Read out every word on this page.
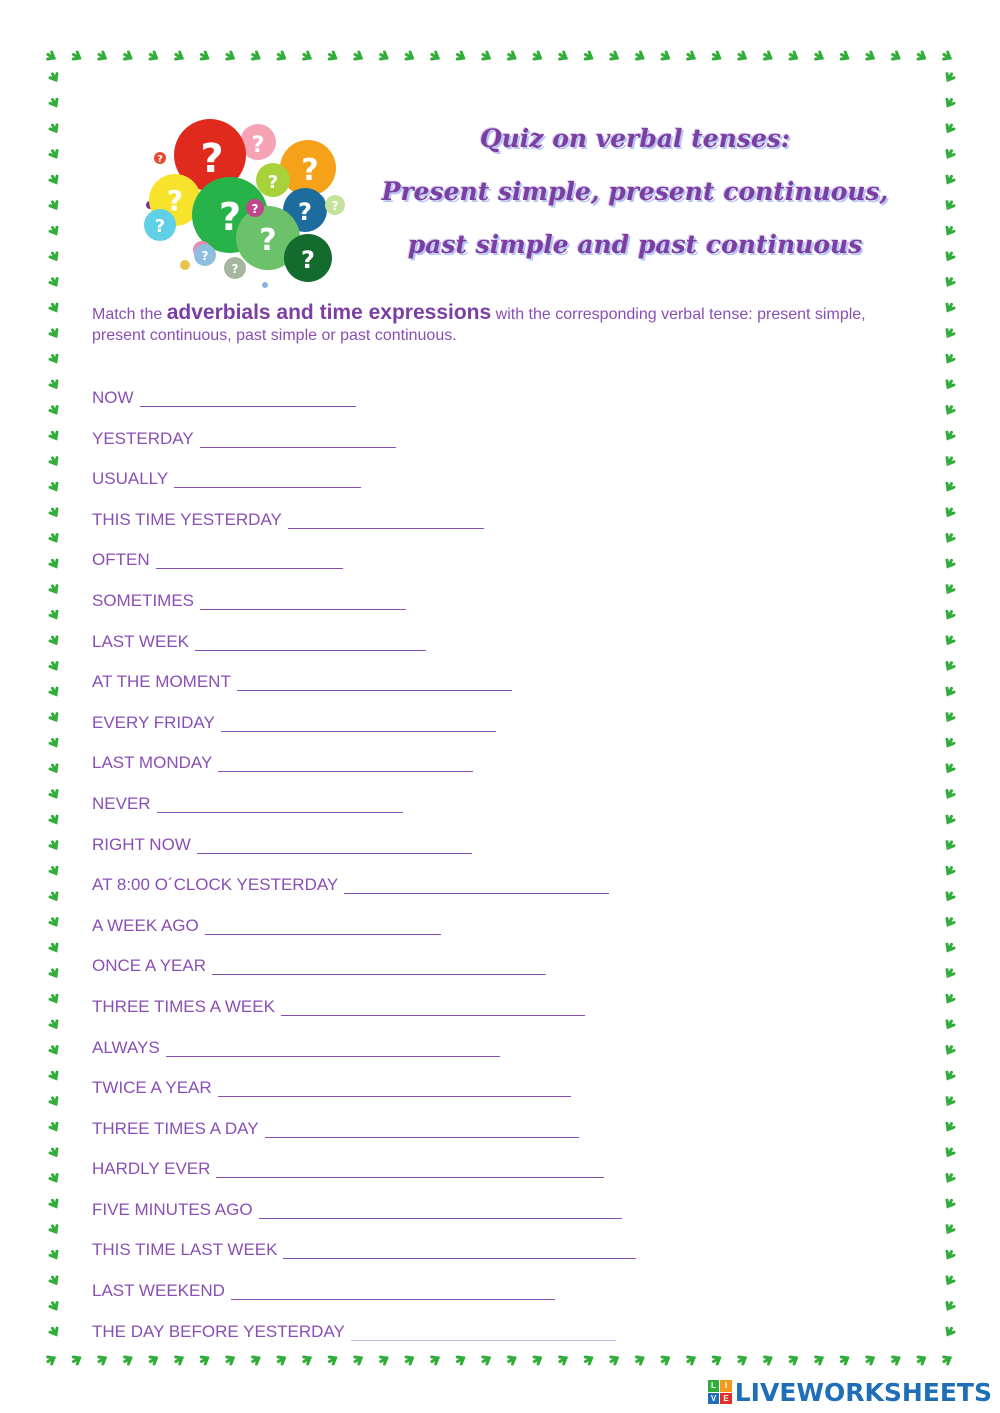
? ?
?
?
?
? ?
?
?
?
?
?
?
?
?
Quiz on verbal tenses:
Present simple, present continuous,
past simple and past continuous
Match the adverbials and time expressions with the corresponding verbal tense: present simple, present continuous, past simple or past continuous.
NOW
YESTERDAY
USUALLY
THIS TIME YESTERDAY
OFTEN
SOMETIMES
LAST WEEK
AT THE MOMENT
EVERY FRIDAY
LAST MONDAY
NEVER
RIGHT NOW
AT 8:00 O´CLOCK YESTERDAY
A WEEK AGO
ONCE A YEAR
THREE TIMES A WEEK
ALWAYS
TWICE A YEAR
THREE TIMES A DAY
HARDLY EVER
FIVE MINUTES AGO
THIS TIME LAST WEEK
LAST WEEKEND
THE DAY BEFORE YESTERDAY
L	I
V E LIVEWORKSHEETS
